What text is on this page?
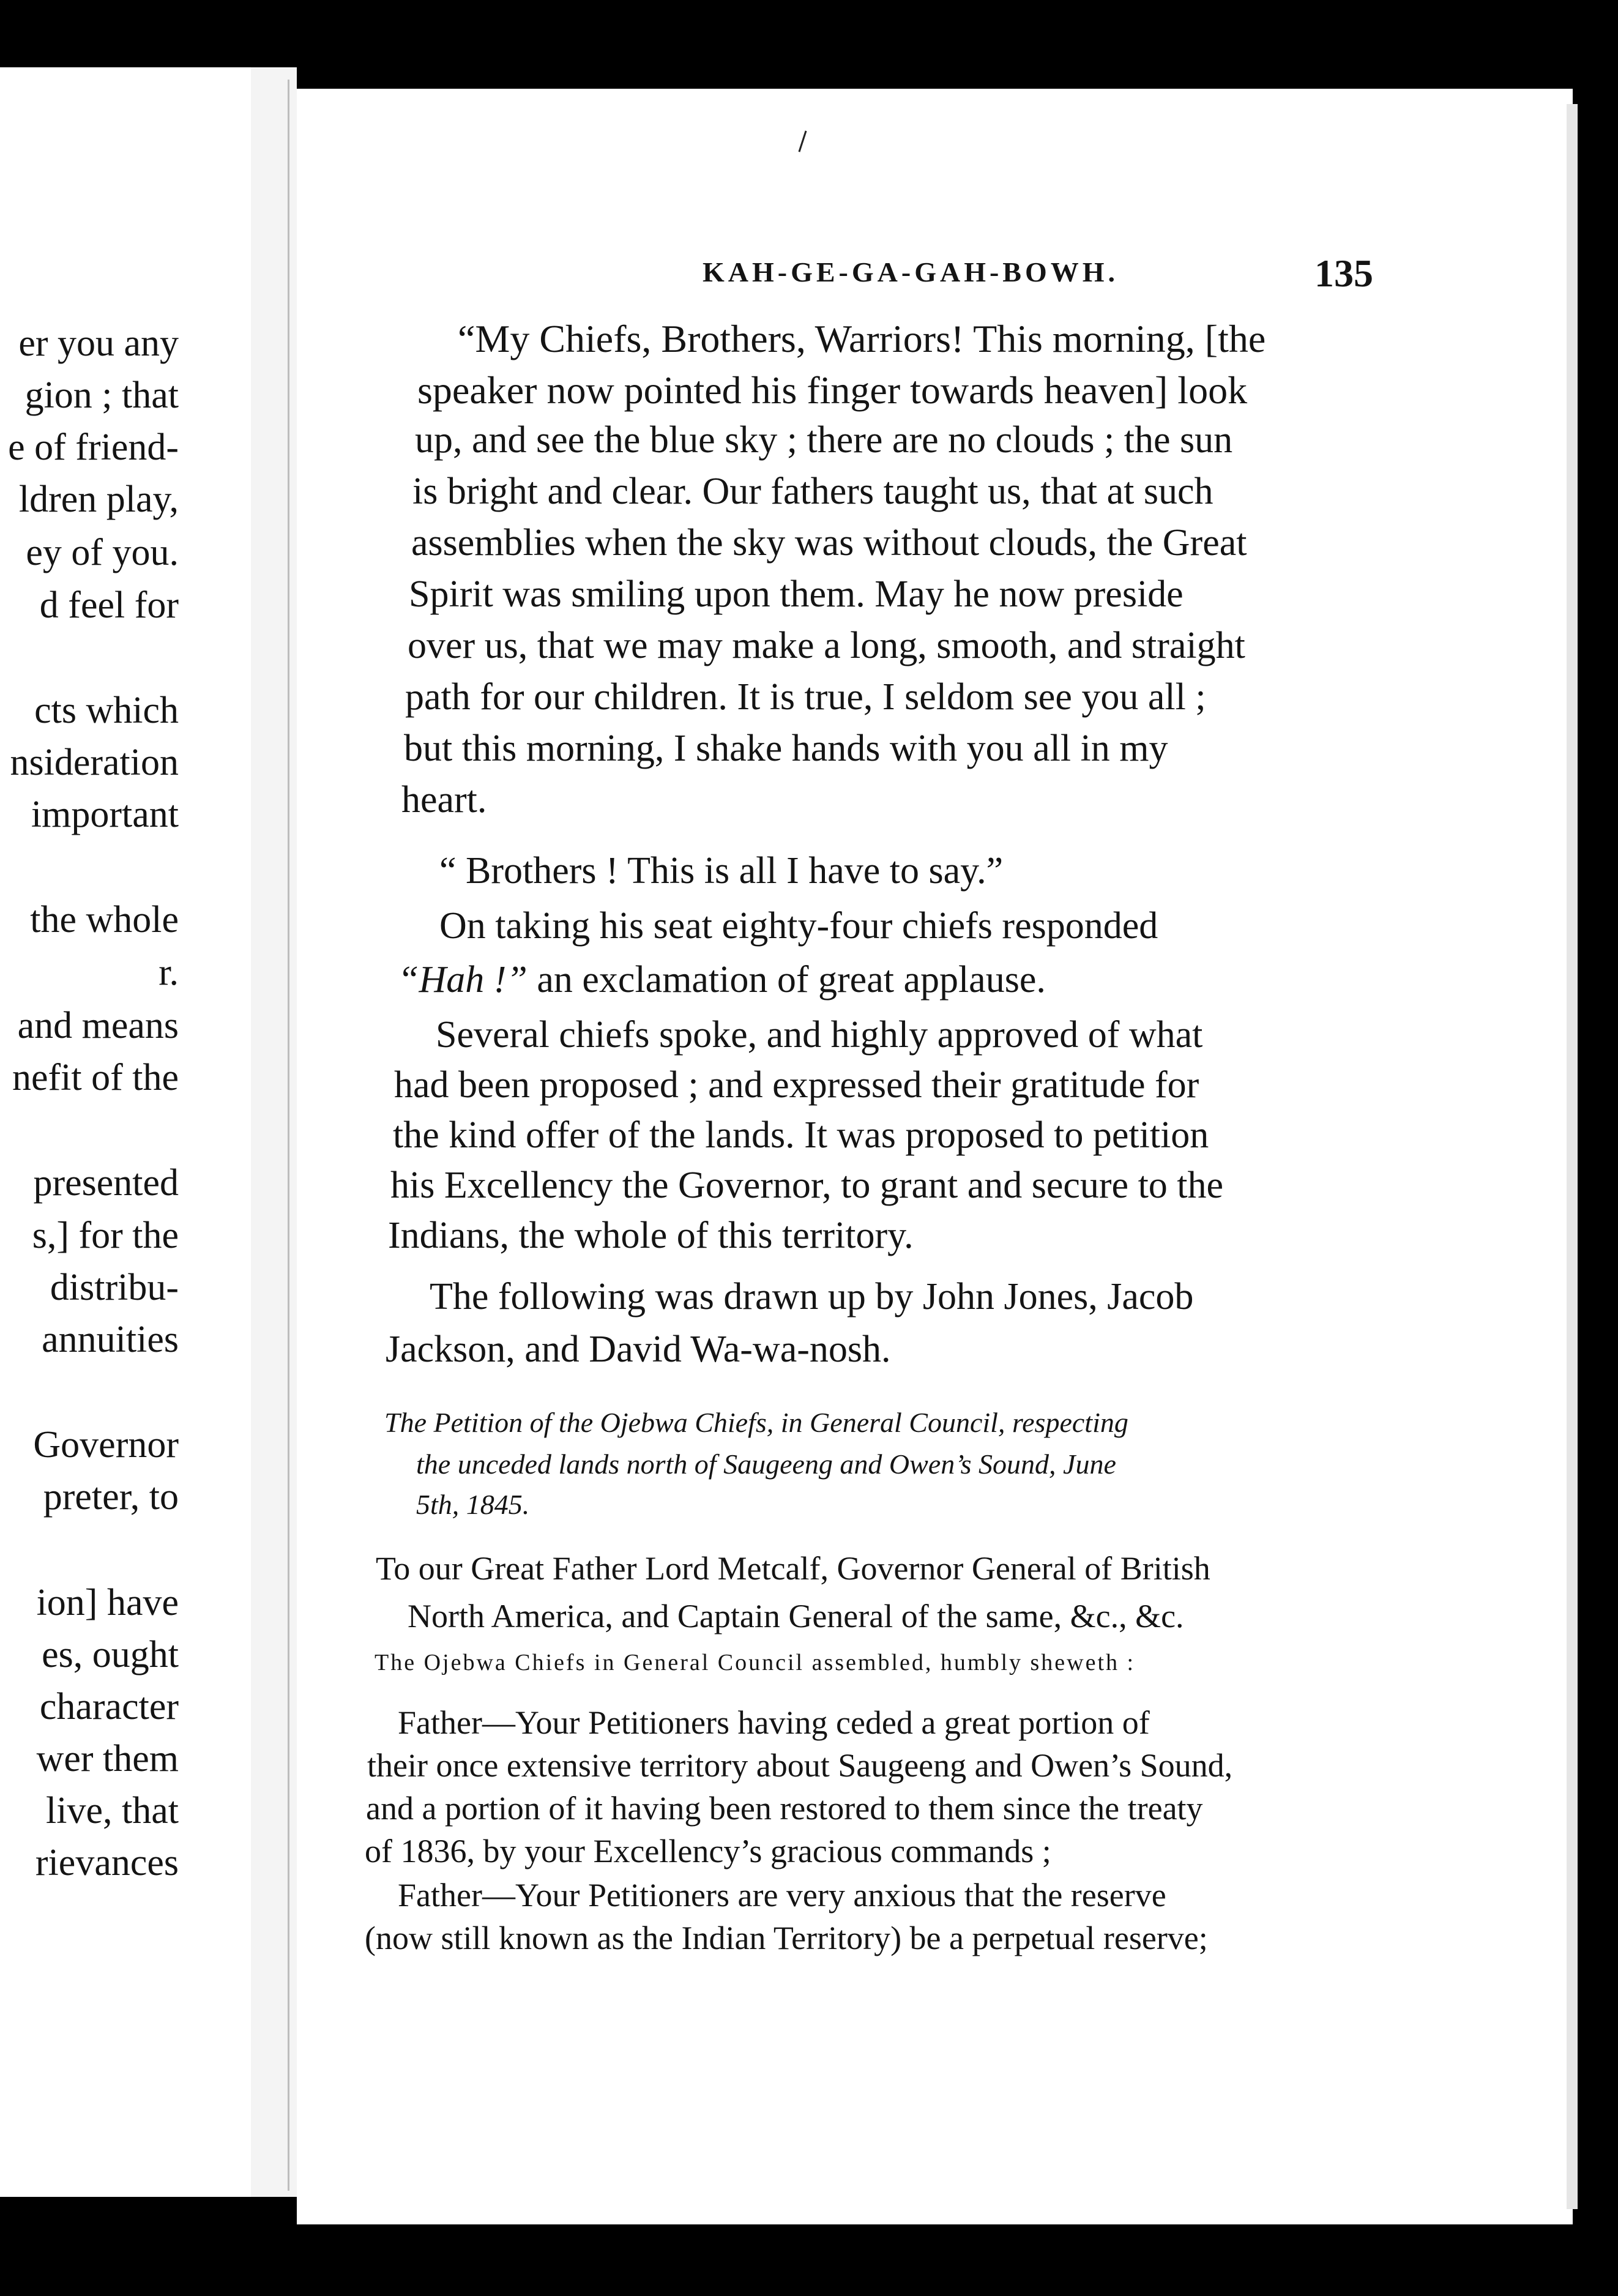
er you any
gion ; that
e of friend-
ldren play,
ey of you.
d feel for
cts which
nsideration
important
the whole
r.
and means
nefit of the
presented
s,] for the
distribu-
annuities
Governor
preter, to
ion] have
es, ought
character
wer them
live, that
rievances
KAH-GE-GA-GAH-BOWH.	135
“My Chiefs, Brothers, Warriors! This morning, [the
speaker now pointed his finger towards heaven] look
up, and see the blue sky ; there are no clouds ; the sun
is bright and clear. Our fathers taught us, that at such
assemblies when the sky was without clouds, the Great
Spirit was smiling upon them. May he now preside
over us, that we may make a long, smooth, and straight
path for our children. It is true, I seldom see you all ;
but this morning, I shake hands with you all in my
heart.
“ Brothers ! This is all I have to say.”
On taking his seat eighty-four chiefs responded
“Hah !” an exclamation of great applause.
Several chiefs spoke, and highly approved of what
had been proposed ; and expressed their gratitude for
the kind offer of the lands. It was proposed to petition
his Excellency the Governor, to grant and secure to the
Indians, the whole of this territory.
The following was drawn up by John Jones, Jacob
Jackson, and David Wa-wa-nosh.
The Petition of the Ojebwa Chiefs, in General Council, respecting
the unceded lands north of Saugeeng and Owen’s Sound, June
5th, 1845.
To our Great Father Lord Metcalf, Governor General of British
North America, and Captain General of the same, &c., &c.
The Ojebwa Chiefs in General Council assembled, humbly sheweth :
Father—Your Petitioners having ceded a great portion of
their once extensive territory about Saugeeng and Owen’s Sound,
and a portion of it having been restored to them since the treaty
of 1836, by your Excellency’s gracious commands ;
Father—Your Petitioners are very anxious that the reserve
(now still known as the Indian Territory) be a perpetual reserve;
